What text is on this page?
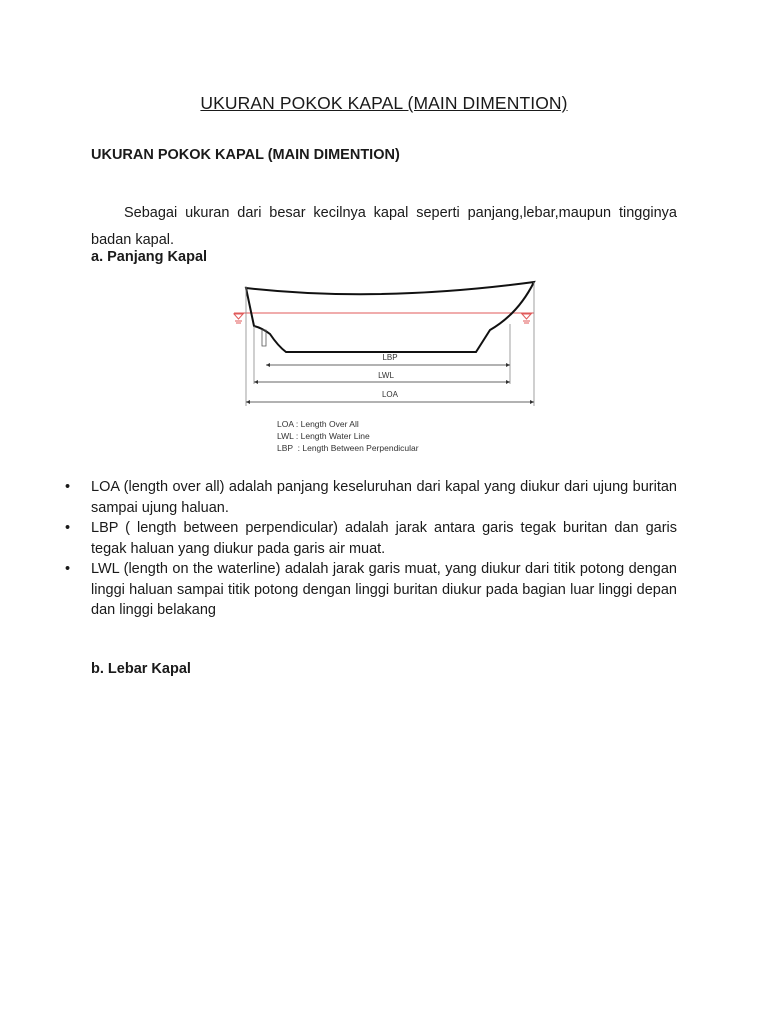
UKURAN POKOK KAPAL (MAIN DIMENTION)
UKURAN POKOK KAPAL (MAIN DIMENTION)

Sebagai ukuran dari besar kecilnya kapal seperti panjang,lebar,maupun tingginya badan kapal.

a. Panjang Kapal
LBP
LWL
LOA
LOA : Length Over All
LWL : Length Water Line
LBP  : Length Between Perpendicular
•	LOA (length over all) adalah panjang keseluruhan dari kapal yang diukur dari ujung buritan sampai ujung haluan.
•	LBP ( length between perpendicular) adalah jarak antara garis tegak buritan dan garis tegak haluan yang diukur pada garis air muat.
•	LWL (length on the waterline) adalah jarak garis muat, yang diukur dari titik potong dengan linggi haluan sampai titik potong dengan linggi buritan diukur pada bagian luar linggi depan dan linggi belakang
b. Lebar Kapal
